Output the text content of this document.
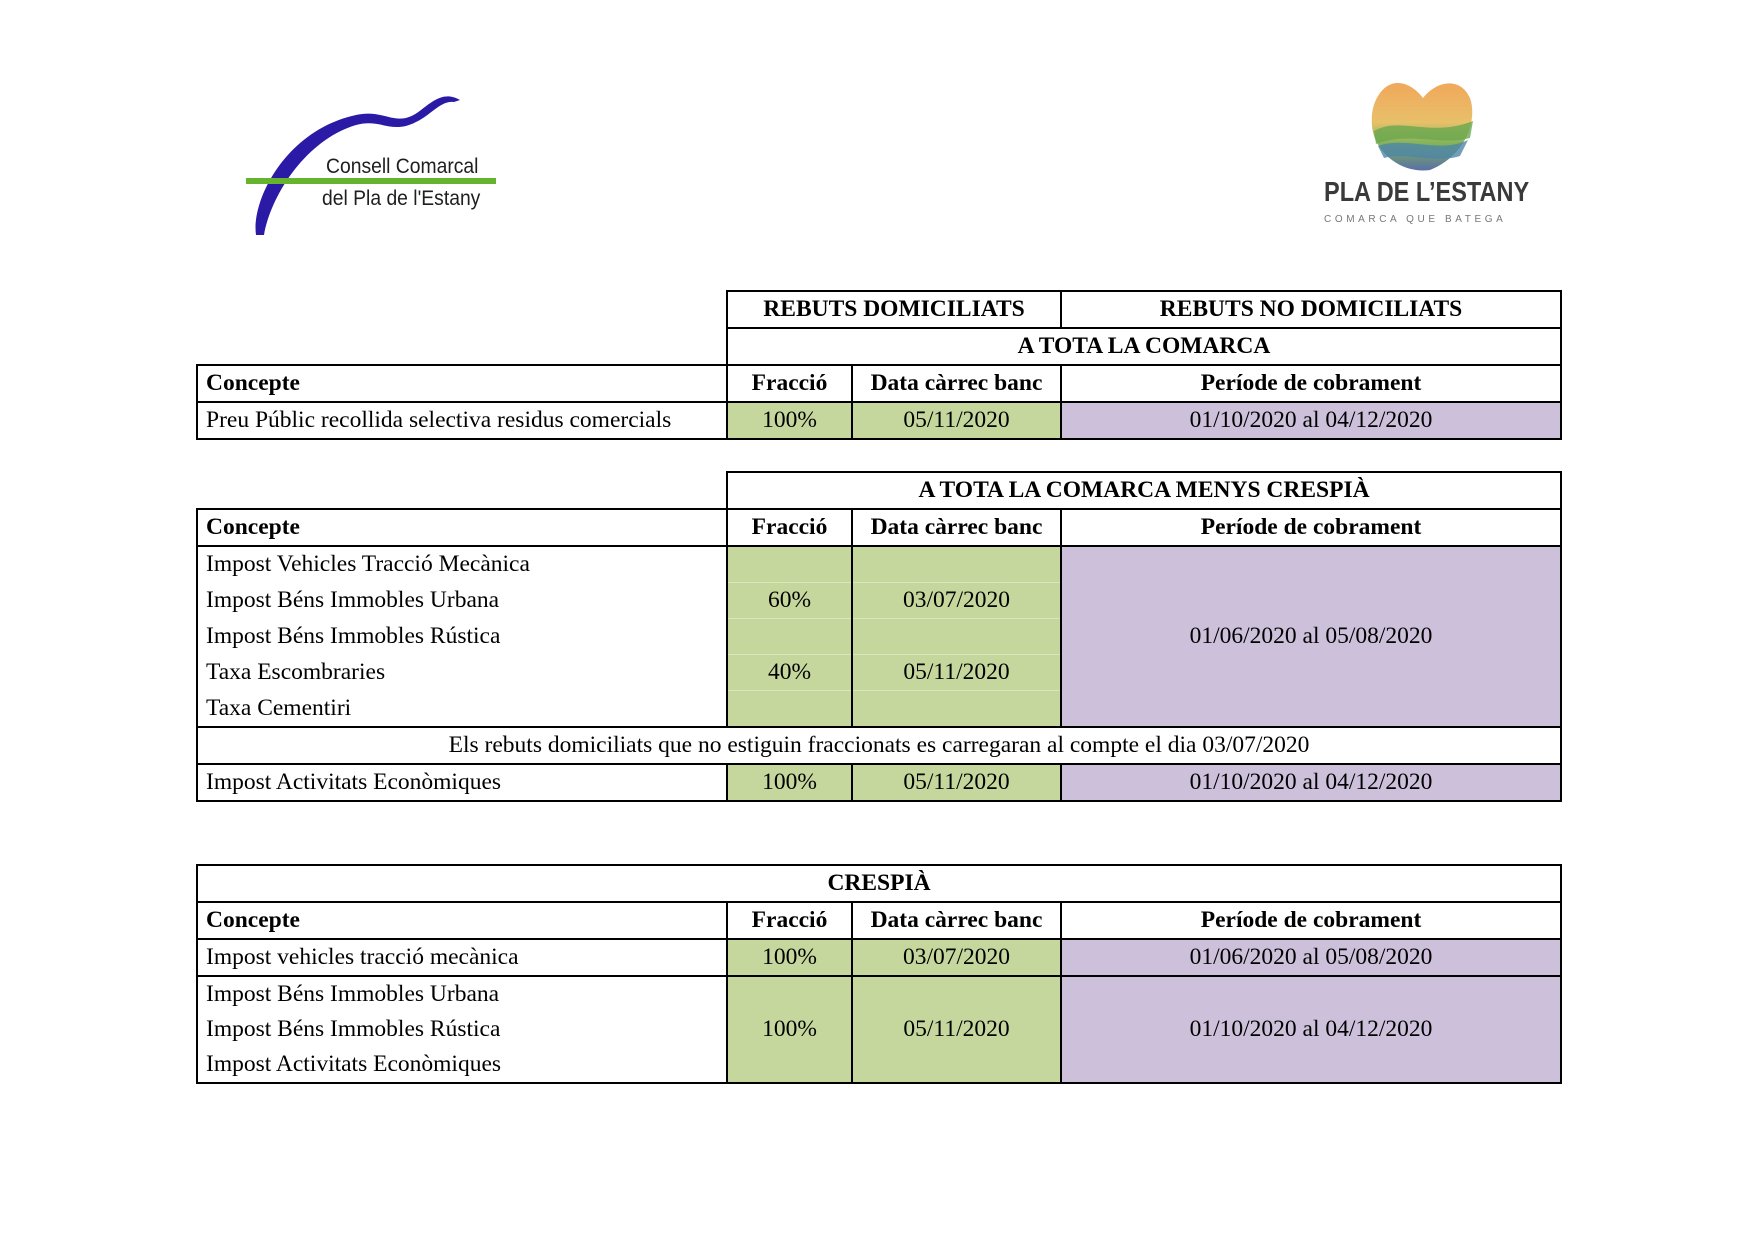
Consell Comarcal
del Pla de l'Estany	PLA DE L’ESTANY
COMARCA QUE BATEGA
	REBUTS DOMICILIATS		REBUTS NO DOMICILIATS
	A TOTA LA COMARCA		
Concepte	Fracció	Data càrrec banc	Període de cobrament
Preu Públic recollida selectiva residus comercials	100%	05/11/2020	01/10/2020 al 04/12/2020
	A TOTA LA COMARCA MENYS CRESPIÀ		
Concepte	Fracció	Data càrrec banc	Període de cobrament
Impost Vehicles Tracció Mecànica			01/06/2020 al 05/08/2020
Impost Béns Immobles Urbana	60%	03/07/2020	
Impost Béns Immobles Rústica			
Taxa Escombraries	40%	05/11/2020	
Taxa Cementiri			
Els rebuts domiciliats que no estiguin fraccionats es carregaran al compte el dia 03/07/2020			
Impost Activitats Econòmiques	100%	05/11/2020	01/10/2020 al 04/12/2020
CRESPIÀ			
Concepte	Fracció	Data càrrec banc	Període de cobrament
Impost vehicles tracció mecànica	100%	03/07/2020	01/06/2020 al 05/08/2020
Impost Béns Immobles Urbana	100%	05/11/2020	01/10/2020 al 04/12/2020
Impost Béns Immobles Rústica			
Impost Activitats Econòmiques			
